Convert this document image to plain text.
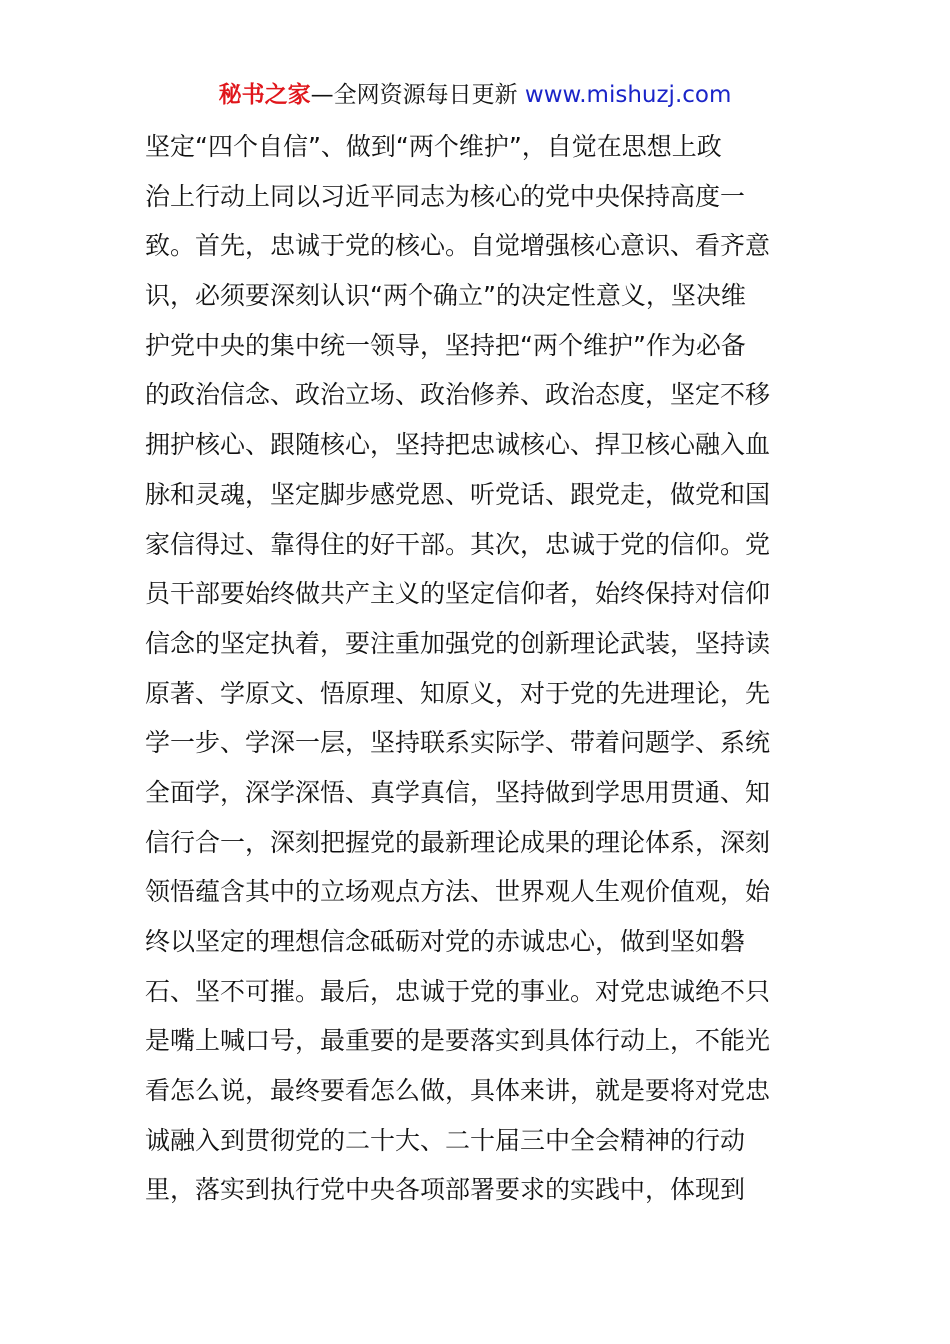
秘书之家—全网资源每日更新 www.mishuzj.com
坚定“四个自信”、做到“两个维护”，自觉在思想上政
治上行动上同以习近平同志为核心的党中央保持高度一
致。首先，忠诚于党的核心。自觉增强核心意识、看齐意
识，必须要深刻认识“两个确立”的决定性意义，坚决维
护党中央的集中统一领导，坚持把“两个维护”作为必备
的政治信念、政治立场、政治修养、政治态度，坚定不移
拥护核心、跟随核心，坚持把忠诚核心、捍卫核心融入血
脉和灵魂，坚定脚步感党恩、听党话、跟党走，做党和国
家信得过、靠得住的好干部。其次，忠诚于党的信仰。党
员干部要始终做共产主义的坚定信仰者，始终保持对信仰
信念的坚定执着，要注重加强党的创新理论武装，坚持读
原著、学原文、悟原理、知原义，对于党的先进理论，先
学一步、学深一层，坚持联系实际学、带着问题学、系统
全面学，深学深悟、真学真信，坚持做到学思用贯通、知
信行合一，深刻把握党的最新理论成果的理论体系，深刻
领悟蕴含其中的立场观点方法、世界观人生观价值观，始
终以坚定的理想信念砥砺对党的赤诚忠心，做到坚如磐
石、坚不可摧。最后，忠诚于党的事业。对党忠诚绝不只
是嘴上喊口号，最重要的是要落实到具体行动上，不能光
看怎么说，最终要看怎么做，具体来讲，就是要将对党忠
诚融入到贯彻党的二十大、二十届三中全会精神的行动
里，落实到执行党中央各项部署要求的实践中，体现到
